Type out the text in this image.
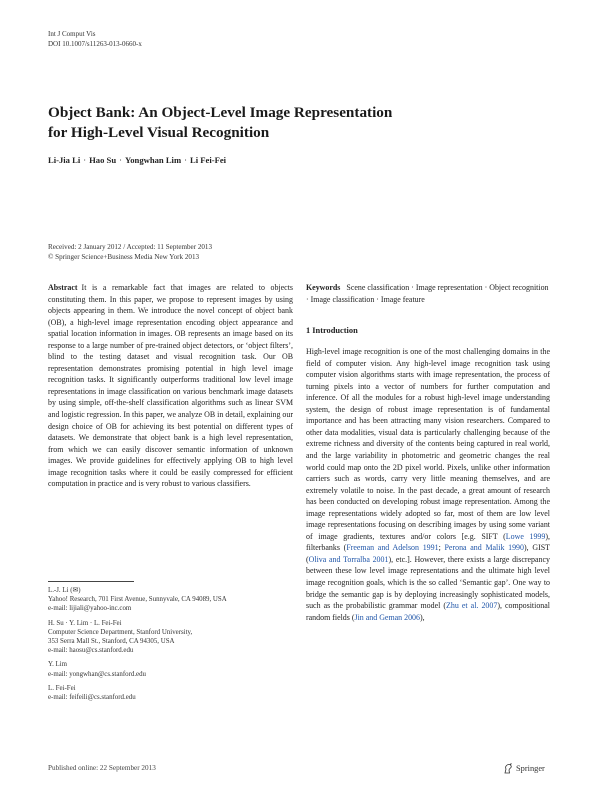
Int J Comput Vis
DOI 10.1007/s11263-013-0660-x
Object Bank: An Object-Level Image Representation
for High-Level Visual Recognition
Li-Jia Li · Hao Su · Yongwhan Lim · Li Fei-Fei
Received: 2 January 2012 / Accepted: 11 September 2013
© Springer Science+Business Media New York 2013

Abstract It is a remarkable fact that images are related to objects constituting them. In this paper, we propose to represent images by using objects appearing in them. We introduce the novel concept of object bank (OB), a high-level image representation encoding object appearance and spatial location information in images. OB represents an image based on its response to a large number of pre-trained object detectors, or ‘object filters’, blind to the testing dataset and visual recognition task. Our OB representation demonstrates promising potential in high level image recognition tasks. It significantly outperforms traditional low level image representations in image classification on various benchmark image datasets by using simple, off-the-shelf classification algorithms such as linear SVM and logistic regression. In this paper, we analyze OB in detail, explaining our design choice of OB for achieving its best potential on different types of datasets. We demonstrate that object bank is a high level representation, from which we can easily discover semantic information of unknown images. We provide guidelines for effectively applying OB to high level image recognition tasks where it could be easily compressed for efficient computation in practice and is very robust to various classifiers.

L.-J. Li (✉)
Yahoo! Research, 701 First Avenue, Sunnyvale, CA 94089, USA
e-mail: lijiali@yahoo-inc.com
H. Su · Y. Lim · L. Fei-Fei
Computer Science Department, Stanford University,
353 Serra Mall St., Stanford, CA 94305, USA
e-mail: haosu@cs.stanford.edu
Y. Lim
e-mail: yongwhan@cs.stanford.edu
L. Fei-Fei
e-mail: feifeili@cs.stanford.edu

Keywords Scene classification · Image representation · Object recognition · Image classification · Image feature

1 Introduction

High-level image recognition is one of the most challenging domains in the field of computer vision. Any high-level image recognition task using computer vision algorithms starts with image representation, the process of turning pixels into a vector of numbers for further computation and inference. Of all the modules for a robust high-level image understanding system, the design of robust image representation is of fundamental importance and has been attracting many vision researchers. Compared to other data modalities, visual data is particularly challenging because of the extreme richness and diversity of the contents being captured in real world, and the large variability in photometric and geometric changes the real world could map onto the 2D pixel world. Pixels, unlike other information carriers such as words, carry very little meaning themselves, and are extremely volatile to noise. In the past decade, a great amount of research has been conducted on developing robust image representation. Among the image representations widely adopted so far, most of them are low level image representations focusing on describing images by using some variant of image gradients, textures and/or colors [e.g. SIFT (Lowe 1999), filterbanks (Freeman and Adelson 1991; Perona and Malik 1990), GIST (Oliva and Torralba 2001), etc.]. However, there exists a large discrepancy between these low level image representations and the ultimate high level image recognition goals, which is the so called ‘Semantic gap’. One way to bridge the semantic gap is by deploying increasingly sophisticated models, such as the probabilistic grammar model (Zhu et al. 2007), compositional random fields (Jin and Geman 2006),

Published online: 22 September 2013	Springer
